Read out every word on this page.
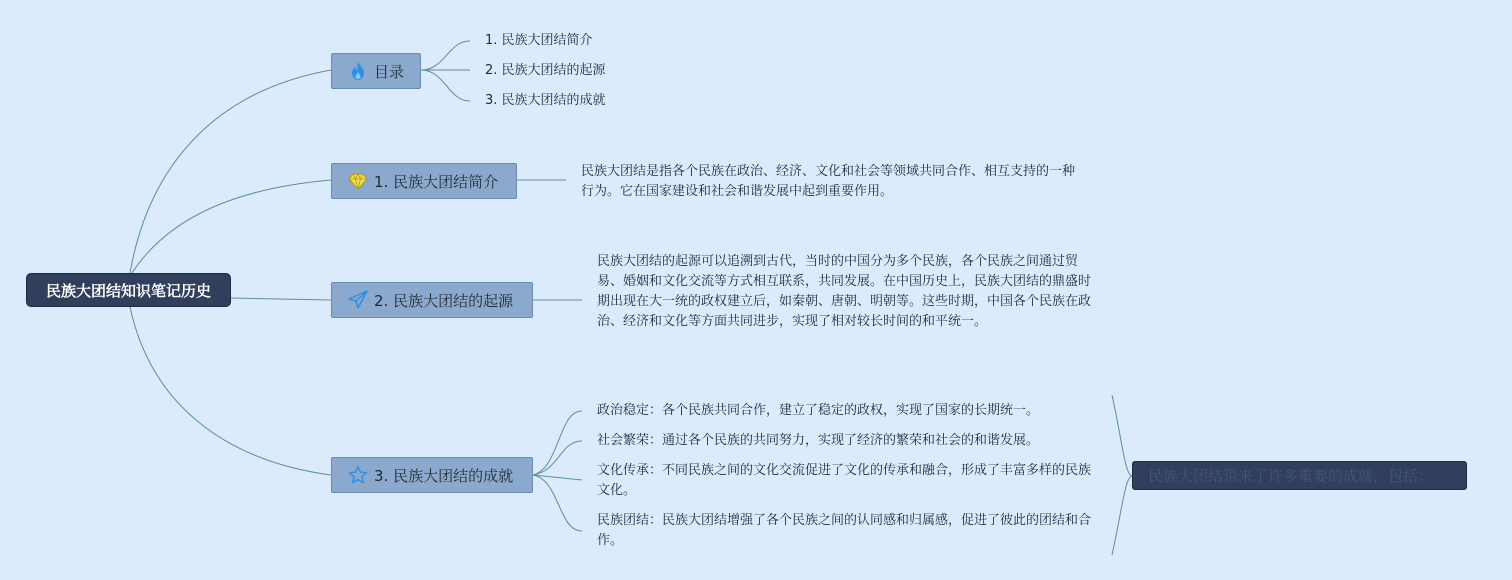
民族大团结知识笔记历史
目录
1. 民族大团结简介
2. 民族大团结的起源
3. 民族大团结的成就
1. 民族大团结简介
民族大团结是指各个民族在政治、经济、文化和社会等领域共同合作、相互支持的一种行为。它在国家建设和社会和谐发展中起到重要作用。
2. 民族大团结的起源
民族大团结的起源可以追溯到古代，当时的中国分为多个民族，各个民族之间通过贸易、婚姻和文化交流等方式相互联系，共同发展。在中国历史上，民族大团结的鼎盛时期出现在大一统的政权建立后，如秦朝、唐朝、明朝等。这些时期，中国各个民族在政治、经济和文化等方面共同进步，实现了相对较长时间的和平统一。
3. 民族大团结的成就
政治稳定：各个民族共同合作，建立了稳定的政权，实现了国家的长期统一。
社会繁荣：通过各个民族的共同努力，实现了经济的繁荣和社会的和谐发展。
文化传承：不同民族之间的文化交流促进了文化的传承和融合，形成了丰富多样的民族文化。
民族团结：民族大团结增强了各个民族之间的认同感和归属感，促进了彼此的团结和合作。
民族大团结带来了许多重要的成就，包括：
